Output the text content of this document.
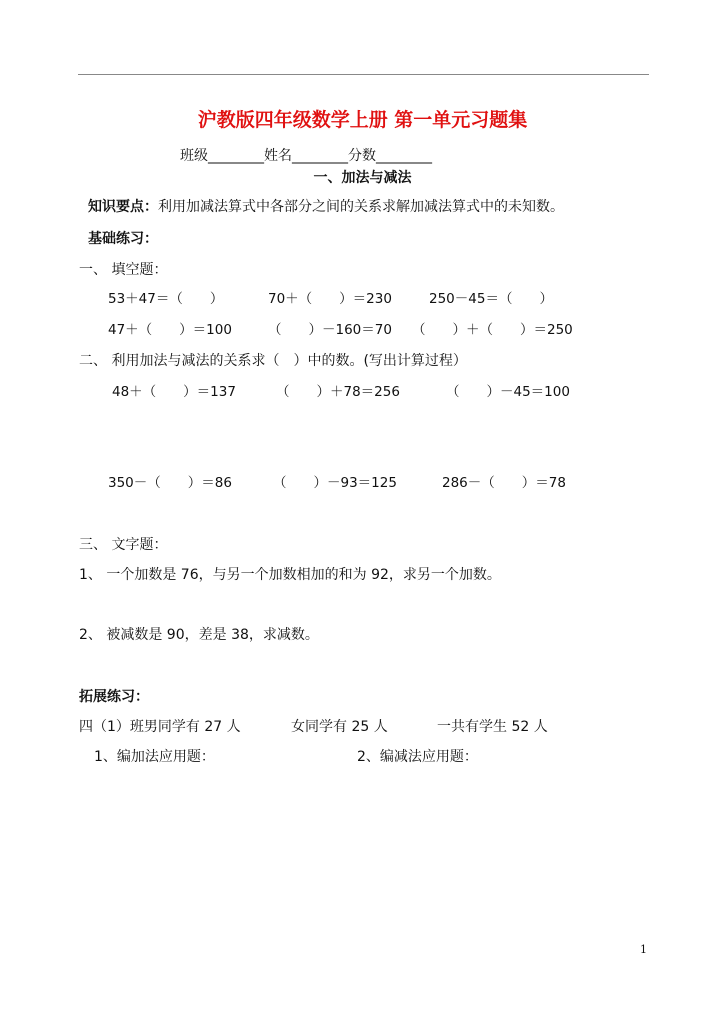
沪教版四年级数学上册 第一单元习题集
班级________姓名________分数________
一、加法与减法
知识要点：利用加减法算式中各部分之间的关系求解加减法算式中的未知数。
基础练习：
一、 填空题：
53＋47＝（　　）	70＋（　　）＝230	250－45＝（　　）
47＋（　　）＝100	（　　）－160＝70 （　　）＋（　　）＝250
二、 利用加法与减法的关系求（　）中的数。(写出计算过程）
48＋（　　）＝137	（　　）＋78＝256	（　　）－45＝100
350－（　　）＝86	（　　）－93＝125	286－（　　）＝78
三、 文字题：
1、 一个加数是 76，与另一个加数相加的和为 92，求另一个加数。
2、 被减数是 90，差是 38，求减数。
拓展练习：
四（1）班男同学有 27 人	女同学有 25 人	一共有学生 52 人
1、编加法应用题：	2、编减法应用题：
1
